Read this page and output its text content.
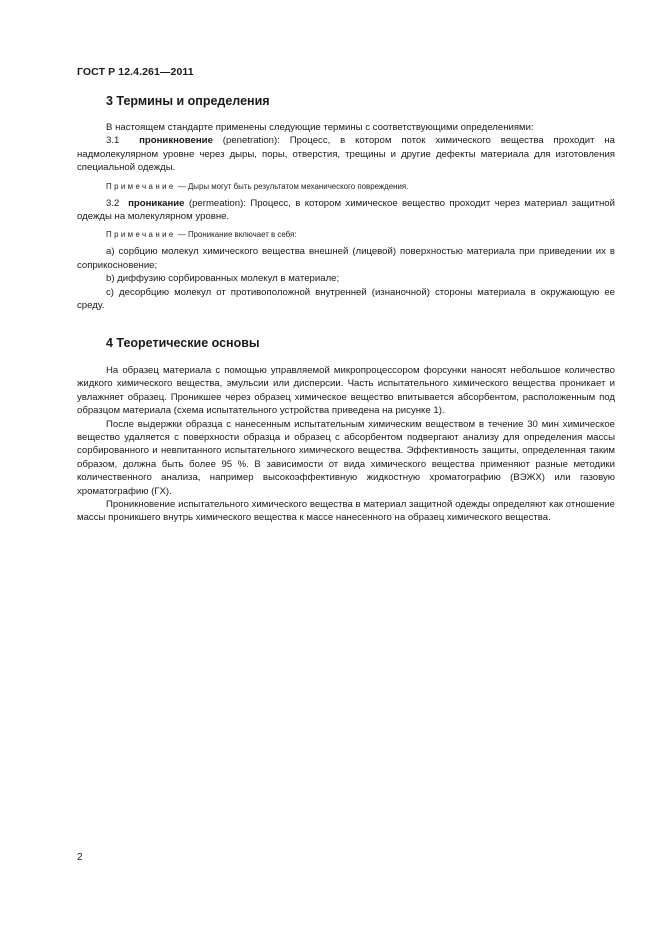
ГОСТ Р 12.4.261—2011
3 Термины и определения

В настоящем стандарте применены следующие термины с соответствующими определениями:

3.1 проникновение (penetration): Процесс, в котором поток химического вещества проходит на надмолекулярном уровне через дыры, поры, отверстия, трещины и другие дефекты материала для изготовления специальной одежды.

Примечание — Дыры могут быть результатом механического повреждения.

3.2 проникание (permeation): Процесс, в котором химическое вещество проходит через материал защитной одежды на молекулярном уровне.

Примечание — Проникание включает в себя:

а) сорбцию молекул химического вещества внешней (лицевой) поверхностью материала при приведении их в соприкосновение;

b) диффузию сорбированных молекул в материале;

с) десорбцию молекул от противоположной внутренней (изнаночной) стороны материала в окружающую ее среду.

4 Теоретические основы

На образец материала с помощью управляемой микропроцессором форсунки наносят небольшое количество жидкого химического вещества, эмульсии или дисперсии. Часть испытательного химического вещества проникает и увлажняет образец. Проникшее через образец химическое вещество впитывается абсорбентом, расположенным под образцом материала (схема испытательного устройства приведена на рисунке 1).

После выдержки образца с нанесенным испытательным химическим веществом в течение 30 мин химическое вещество удаляется с поверхности образца и образец с абсорбентом подвергают анализу для определения массы сорбированного и невпитанного испытательного химического вещества. Эффективность защиты, определенная таким образом, должна быть более 95 %. В зависимости от вида химического вещества применяют разные методики количественного анализа, например высокоэффективную жидкостную хроматографию (ВЭЖХ) или газовую хроматографию (ГХ).

Проникновение испытательного химического вещества в материал защитной одежды определяют как отношение массы проникшего внутрь химического вещества к массе нанесенного на образец химического вещества.

2
